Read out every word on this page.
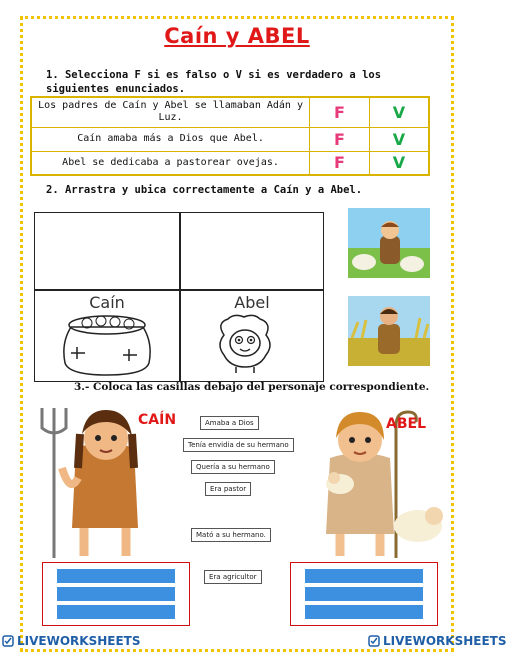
Caín y ABEL
1. Selecciona F si es falso o V si es verdadero a los siguientes enunciados.
Los padres de Caín y Abel se llamaban Adán y Luz.	F	V
Caín amaba más a Dios que Abel.	F	V
Abel se dedicaba a pastorear ovejas.	F	V
2. Arrastra y ubica correctamente a Caín y a Abel.
Caín	Abel
3.- Coloca las casillas debajo del personaje correspondiente.
CAÍN	ABEL
Amaba a Dios
Tenía envidia de su hermano
Quería a su hermano
Era pastor
Mató a su hermano.
Era agricultor
LIVEWORKSHEETS	LIVEWORKSHEETS
